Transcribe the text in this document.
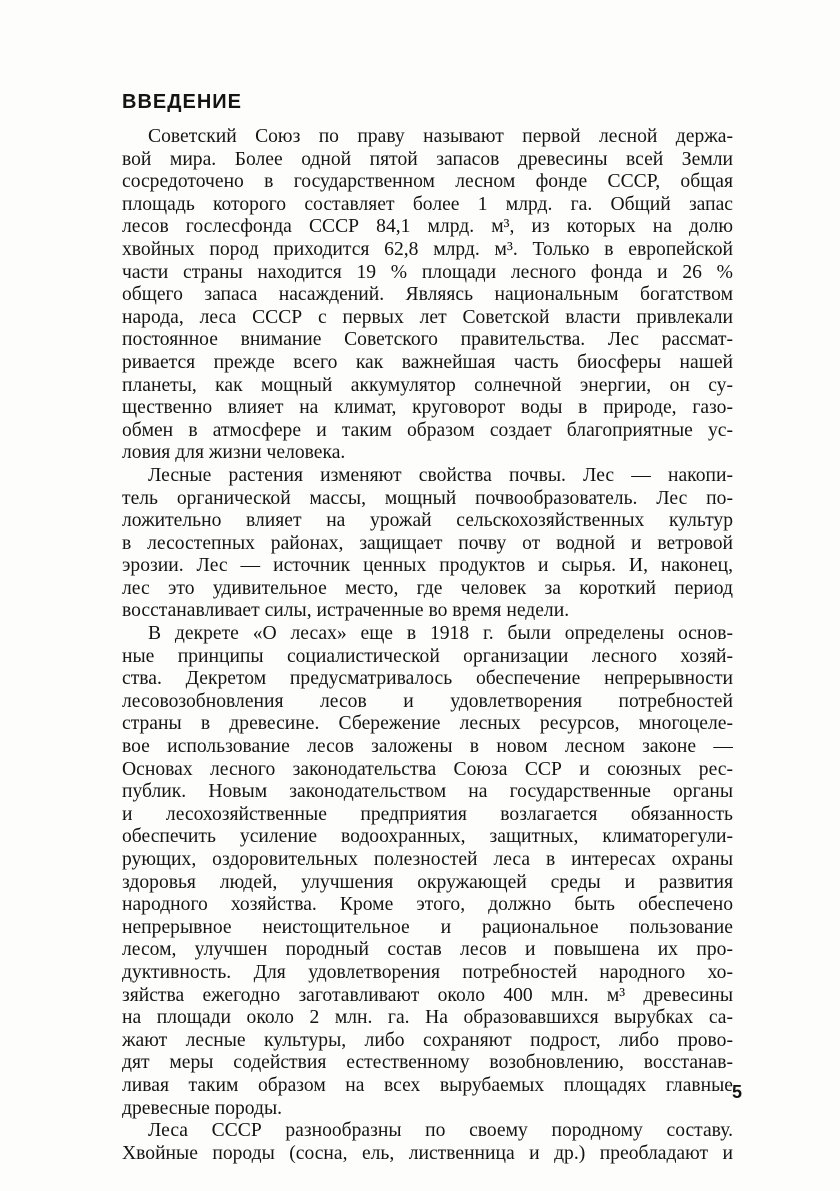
ВВЕДЕНИЕ
Советский Союз по праву называют первой лесной держа-
вой мира. Более одной пятой запасов древесины всей Земли
сосредоточено в государственном лесном фонде СССР, общая
площадь которого составляет более 1 млрд. га. Общий запас
лесов гослесфонда СССР 84,1 млрд. м³, из которых на долю
хвойных пород приходится 62,8 млрд. м³. Только в европейской
части страны находится 19 % площади лесного фонда и 26 %
общего запаса насаждений. Являясь национальным богатством
народа, леса СССР с первых лет Советской власти привлекали
постоянное внимание Советского правительства. Лес рассмат-
ривается прежде всего как важнейшая часть биосферы нашей
планеты, как мощный аккумулятор солнечной энергии, он су-
щественно влияет на климат, круговорот воды в природе, газо-
обмен в атмосфере и таким образом создает благоприятные ус-
ловия для жизни человека.
Лесные растения изменяют свойства почвы. Лес — накопи-
тель органической массы, мощный почвообразователь. Лес по-
ложительно влияет на урожай сельскохозяйственных культур
в лесостепных районах, защищает почву от водной и ветровой
эрозии. Лес — источник ценных продуктов и сырья. И, наконец,
лес это удивительное место, где человек за короткий период
восстанавливает силы, истраченные во время недели.
В декрете «О лесах» еще в 1918 г. были определены основ-
ные принципы социалистической организации лесного хозяй-
ства. Декретом предусматривалось обеспечение непрерывности
лесовозобновления лесов и удовлетворения потребностей
страны в древесине. Сбережение лесных ресурсов, многоцеле-
вое использование лесов заложены в новом лесном законе —
Основах лесного законодательства Союза ССР и союзных рес-
публик. Новым законодательством на государственные органы
и лесохозяйственные предприятия возлагается обязанность
обеспечить усиление водоохранных, защитных, климаторегули-
рующих, оздоровительных полезностей леса в интересах охраны
здоровья людей, улучшения окружающей среды и развития
народного хозяйства. Кроме этого, должно быть обеспечено
непрерывное неистощительное и рациональное пользование
лесом, улучшен породный состав лесов и повышена их про-
дуктивность. Для удовлетворения потребностей народного хо-
зяйства ежегодно заготавливают около 400 млн. м³ древесины
на площади около 2 млн. га. На образовавшихся вырубках са-
жают лесные культуры, либо сохраняют подрост, либо прово-
дят меры содействия естественному возобновлению, восстанав-
ливая таким образом на всех вырубаемых площадях главные
древесные породы.
Леса СССР разнообразны по своему породному составу.
Хвойные породы (сосна, ель, лиственница и др.) преобладают и
5
